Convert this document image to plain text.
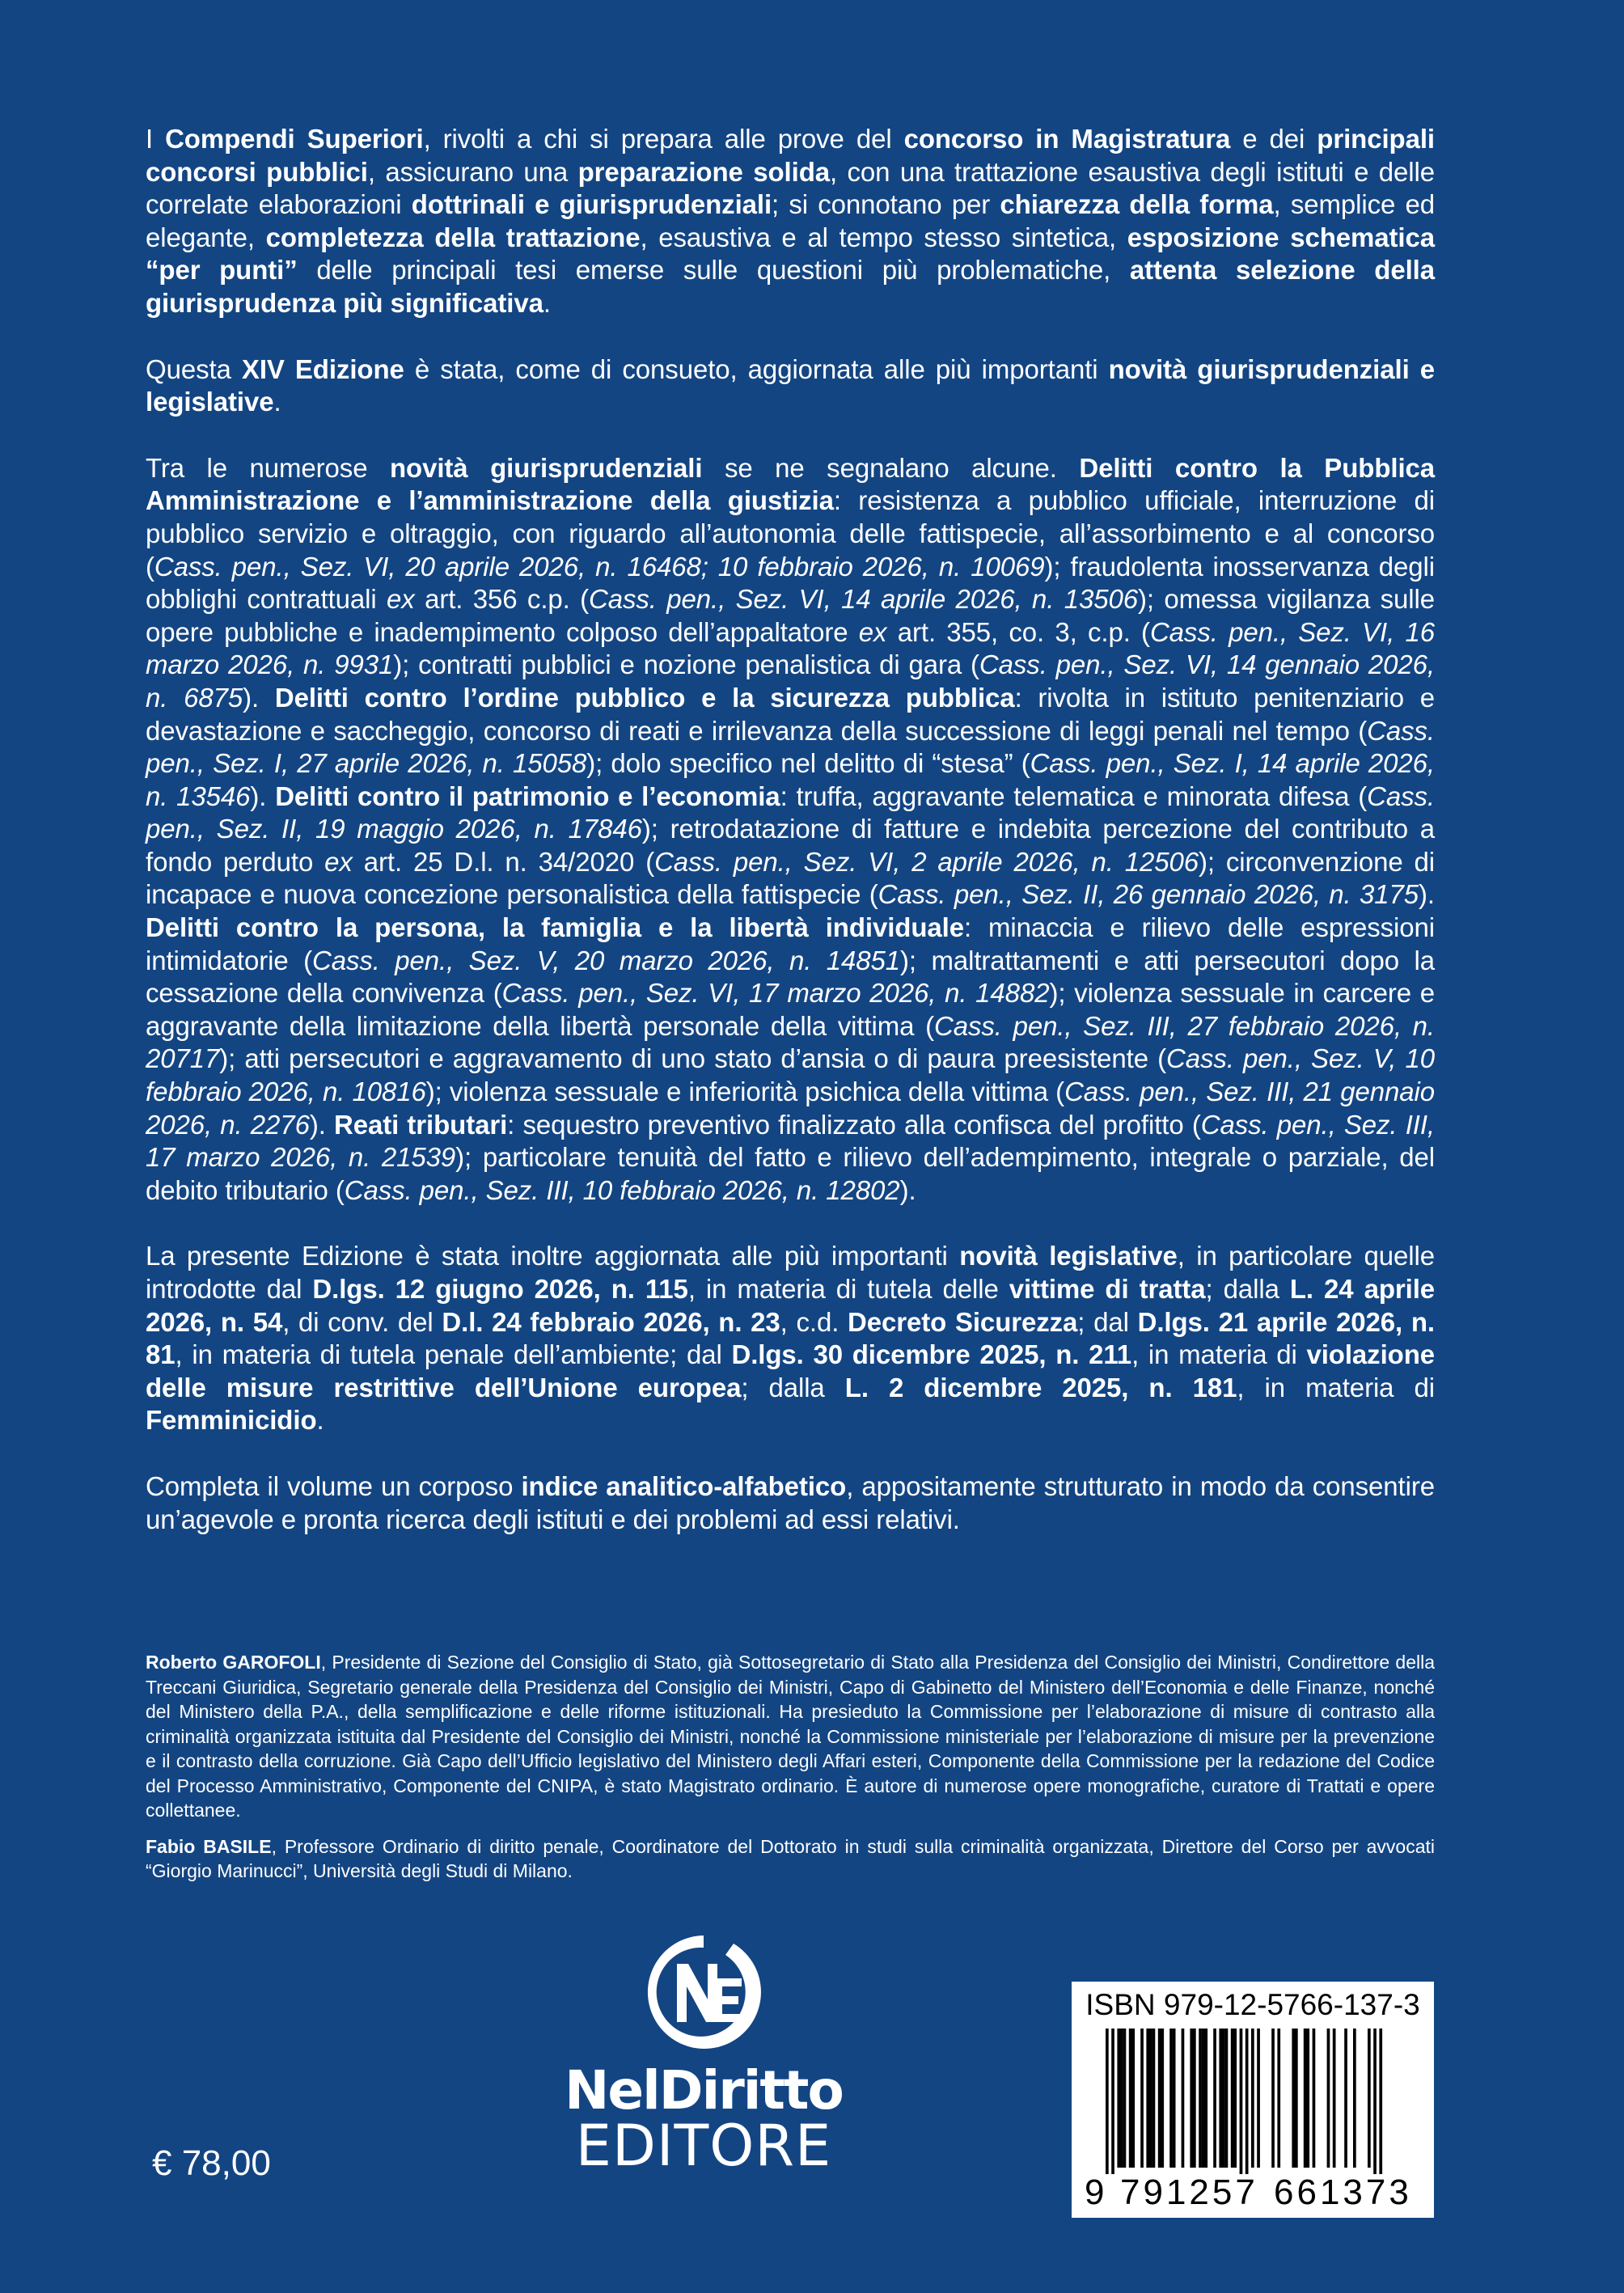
I Compendi Superiori, rivolti a chi si prepara alle prove del concorso in Magistratura e dei principali concorsi pubblici, assicurano una preparazione solida, con una trattazione esaustiva degli istituti e delle correlate elaborazioni dottrinali e giurisprudenziali; si connotano per chiarezza della forma, semplice ed elegante, completezza della trattazione, esaustiva e al tempo stesso sintetica, esposizione schematica “per punti” delle principali tesi emerse sulle questioni più problematiche, attenta selezione della giurisprudenza più significativa.

Questa XIV Edizione è stata, come di consueto, aggiornata alle più importanti novità giurisprudenziali e legislative.

Tra le numerose novità giurisprudenziali se ne segnalano alcune. Delitti contro la Pubblica Amministrazione e l’amministrazione della giustizia: resistenza a pubblico ufficiale, interruzione di pubblico servizio e oltraggio, con riguardo all’autonomia delle fattispecie, all’assorbimento e al concorso (Cass. pen., Sez. VI, 20 aprile 2026, n. 16468; 10 febbraio 2026, n. 10069); fraudolenta inosservanza degli obblighi contrattuali ex art. 356 c.p. (Cass. pen., Sez. VI, 14 aprile 2026, n. 13506); omessa vigilanza sulle opere pubbliche e inadempimento colposo dell’appaltatore ex art. 355, co. 3, c.p. (Cass. pen., Sez. VI, 16 marzo 2026, n. 9931); contratti pubblici e nozione penalistica di gara (Cass. pen., Sez. VI, 14 gennaio 2026, n. 6875). Delitti contro l’ordine pubblico e la sicurezza pubblica: rivolta in istituto penitenziario e devastazione e saccheggio, concorso di reati e irrilevanza della successione di leggi penali nel tempo (Cass. pen., Sez. I, 27 aprile 2026, n. 15058); dolo specifico nel delitto di “stesa” (Cass. pen., Sez. I, 14 aprile 2026, n. 13546). Delitti contro il patrimonio e l’economia: truffa, aggravante telematica e minorata difesa (Cass. pen., Sez. II, 19 maggio 2026, n. 17846); retrodatazione di fatture e indebita percezione del contributo a fondo perduto ex art. 25 D.l. n. 34/2020 (Cass. pen., Sez. VI, 2 aprile 2026, n. 12506); circonvenzione di incapace e nuova concezione personalistica della fattispecie (Cass. pen., Sez. II, 26 gennaio 2026, n. 3175). Delitti contro la persona, la famiglia e la libertà individuale: minaccia e rilievo delle espressioni intimidatorie (Cass. pen., Sez. V, 20 marzo 2026, n. 14851); maltrattamenti e atti persecutori dopo la cessazione della convivenza (Cass. pen., Sez. VI, 17 marzo 2026, n. 14882); violenza sessuale in carcere e aggravante della limitazione della libertà personale della vittima (Cass. pen., Sez. III, 27 febbraio 2026, n. 20717); atti persecutori e aggravamento di uno stato d’ansia o di paura preesistente (Cass. pen., Sez. V, 10 febbraio 2026, n. 10816); violenza sessuale e inferiorità psichica della vittima (Cass. pen., Sez. III, 21 gennaio 2026, n. 2276). Reati tributari: sequestro preventivo finalizzato alla confisca del profitto (Cass. pen., Sez. III, 17 marzo 2026, n. 21539); particolare tenuità del fatto e rilievo dell’adempimento, integrale o parziale, del debito tributario (Cass. pen., Sez. III, 10 febbraio 2026, n. 12802).

La presente Edizione è stata inoltre aggiornata alle più importanti novità legislative, in particolare quelle introdotte dal D.lgs. 12 giugno 2026, n. 115, in materia di tutela delle vittime di tratta; dalla L. 24 aprile 2026, n. 54, di conv. del D.l. 24 febbraio 2026, n. 23, c.d. Decreto Sicurezza; dal D.lgs. 21 aprile 2026, n. 81, in materia di tutela penale dell’ambiente; dal D.lgs. 30 dicembre 2025, n. 211, in materia di violazione delle misure restrittive dell’Unione europea; dalla L. 2 dicembre 2025, n. 181, in materia di Femminicidio.

Completa il volume un corposo indice analitico-alfabetico, appositamente strutturato in modo da consentire un’agevole e pronta ricerca degli istituti e dei problemi ad essi relativi.

Roberto GAROFOLI, Presidente di Sezione del Consiglio di Stato, già Sottosegretario di Stato alla Presidenza del Consiglio dei Ministri, Condirettore della Treccani Giuridica, Segretario generale della Presidenza del Consiglio dei Ministri, Capo di Gabinetto del Ministero dell’Economia e delle Finanze, nonché del Ministero della P.A., della semplificazione e delle riforme istituzionali. Ha presieduto la Commissione per l’elaborazione di misure di contrasto alla criminalità organizzata istituita dal Presidente del Consiglio dei Ministri, nonché la Commissione ministeriale per l’elaborazione di misure per la prevenzione e il contrasto della corruzione. Già Capo dell’Ufficio legislativo del Ministero degli Affari esteri, Componente della Commissione per la redazione del Codice del Processo Amministrativo, Componente del CNIPA, è stato Magistrato ordinario. È autore di numerose opere monografiche, curatore di Trattati e opere collettanee.

Fabio BASILE, Professore Ordinario di diritto penale, Coordinatore del Dottorato in studi sulla criminalità organizzata, Direttore del Corso per avvocati “Giorgio Marinucci”, Università degli Studi di Milano.

NelDiritto
EDITORE
€ 78,00
ISBN 979-12-5766-137-3
9 791257 661373
